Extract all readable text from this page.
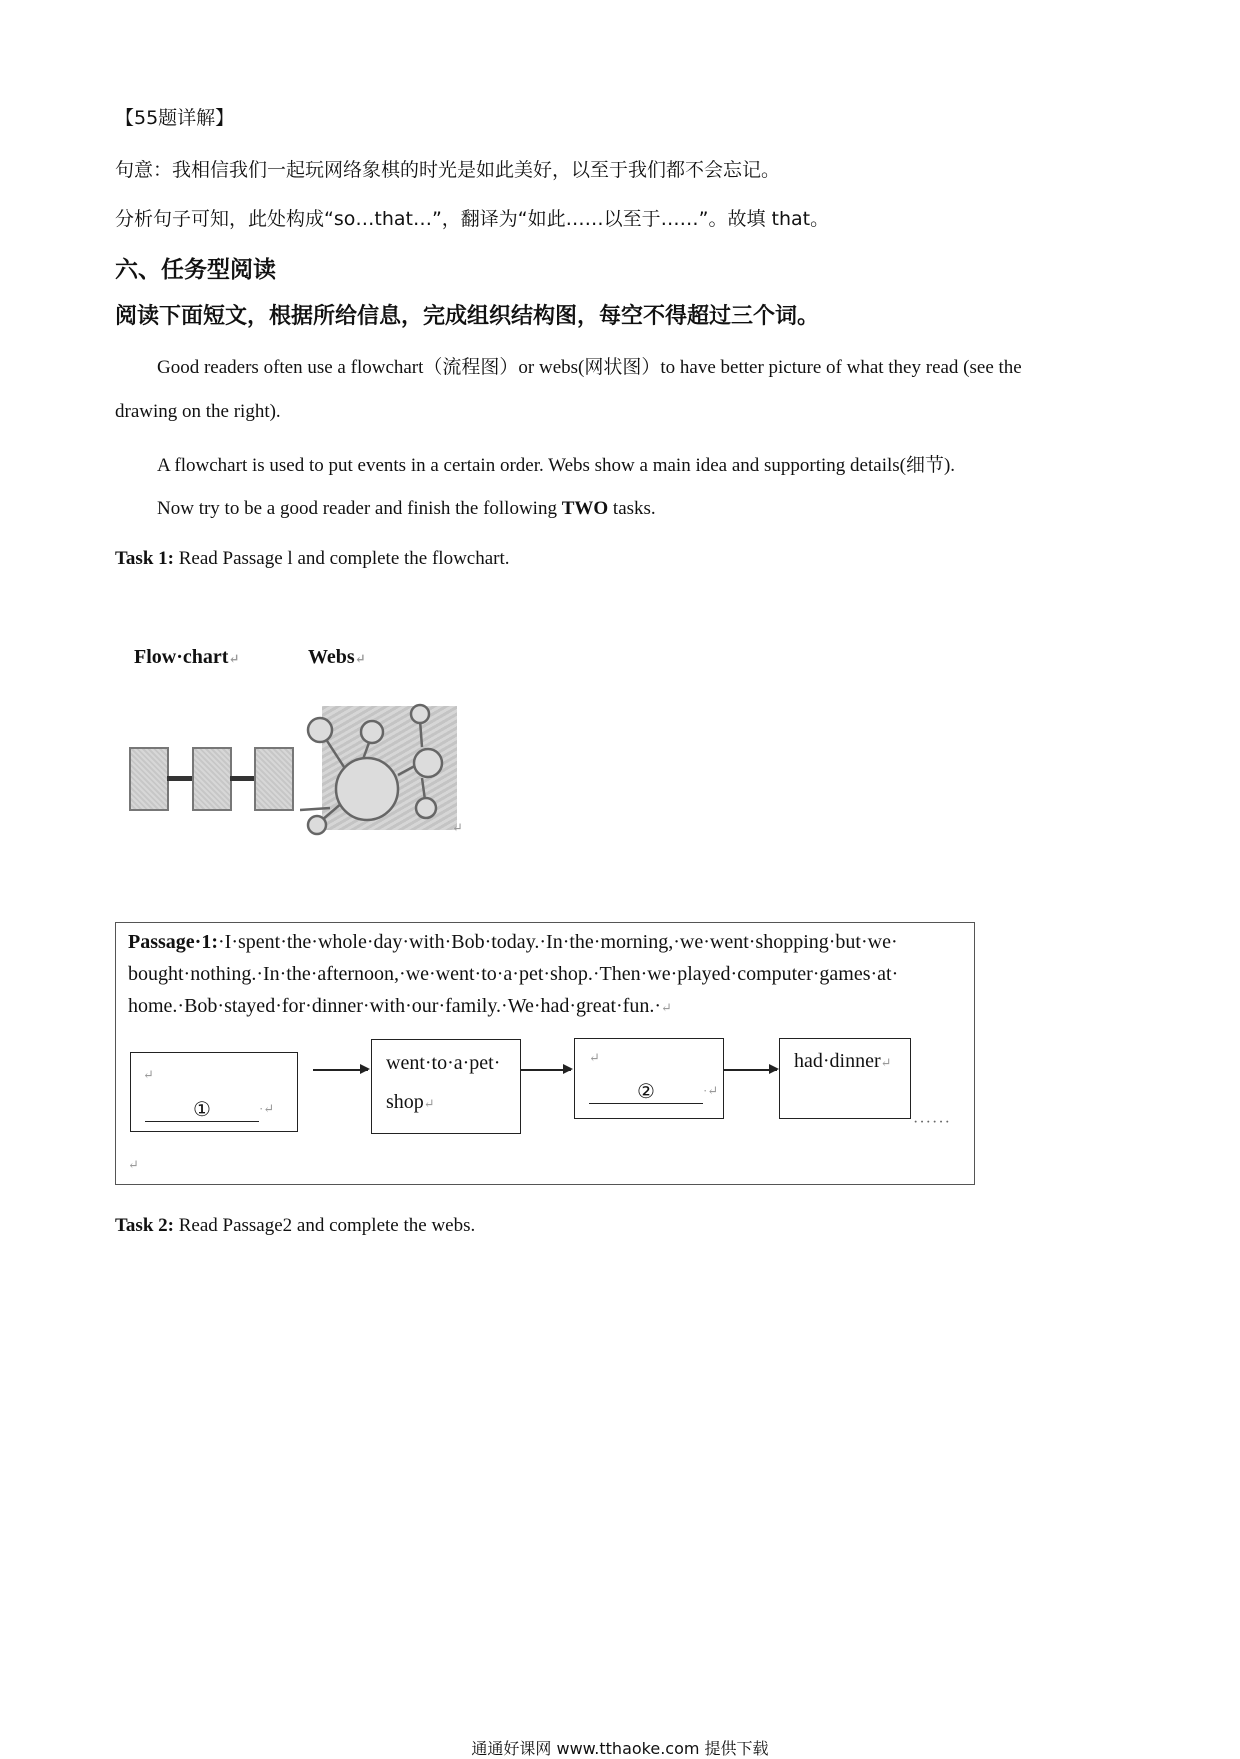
【55题详解】
句意：我相信我们一起玩网络象棋的时光是如此美好，以至于我们都不会忘记。
分析句子可知，此处构成“so…that…”，翻译为“如此……以至于……”。故填 that。
六、任务型阅读
阅读下面短文，根据所给信息，完成组织结构图，每空不得超过三个词。
Good readers often use a flowchart（流程图）or webs(网状图）to have better picture of what they read (see the
drawing on the right).
A flowchart is used to put events in a certain order. Webs show a main idea and supporting details(细节).
Now try to be a good reader and finish the following TWO tasks.
Task 1: Read Passage l and complete the flowchart.
Flow·chart↵	Webs↵
↵
Passage·1:·I·spent·the·whole·day·with·Bob·today.·In·the·morning,·we·went·shopping·but·we·
bought·nothing.·In·the·afternoon,·we·went·to·a·pet·shop.·Then·we·played·computer·games·at·
home.·Bob·stayed·for·dinner·with·our·family.·We·had·great·fun.·↵
↵
①	·↵
went·to·a·pet·
shop↵
↵
②	·↵
had·dinner↵
······
↵
Task 2: Read Passage2 and complete the webs.
通通好课网 www.tthaoke.com 提供下载
